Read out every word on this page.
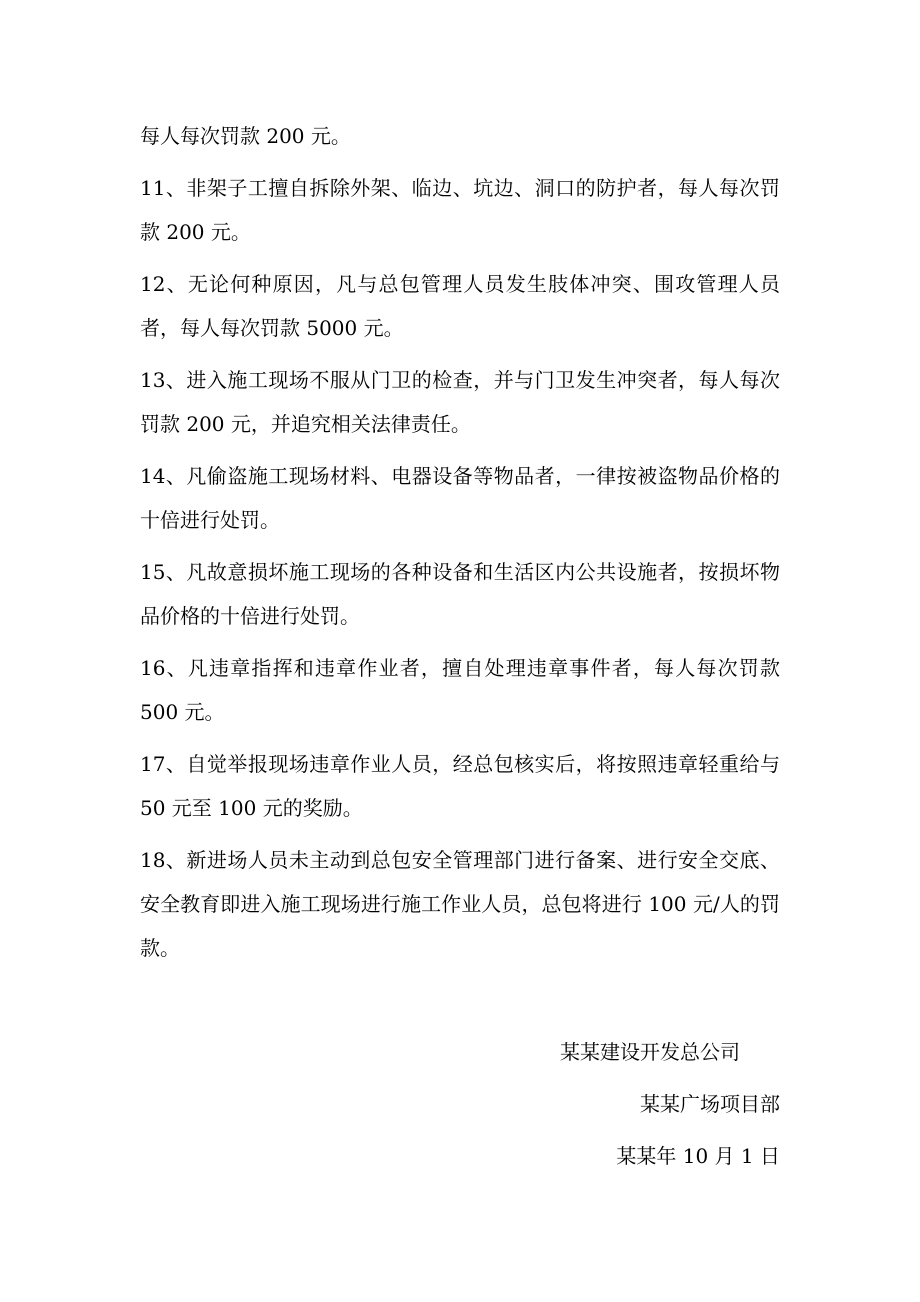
每人每次罚款 200 元。

11、非架子工擅自拆除外架、临边、坑边、洞口的防护者，每人每次罚款 200 元。

12、无论何种原因，凡与总包管理人员发生肢体冲突、围攻管理人员者，每人每次罚款 5000 元。

13、进入施工现场不服从门卫的检查，并与门卫发生冲突者，每人每次罚款 200 元，并追究相关法律责任。

14、凡偷盗施工现场材料、电器设备等物品者，一律按被盗物品价格的十倍进行处罚。

15、凡故意损坏施工现场的各种设备和生活区内公共设施者，按损坏物品价格的十倍进行处罚。

16、凡违章指挥和违章作业者，擅自处理违章事件者，每人每次罚款 500 元。

17、自觉举报现场违章作业人员，经总包核实后，将按照违章轻重给与 50 元至 100 元的奖励。

18、新进场人员未主动到总包安全管理部门进行备案、进行安全交底、安全教育即进入施工现场进行施工作业人员，总包将进行 100 元/人的罚款。

某某建设开发总公司
某某广场项目部
某某年 10 月 1 日
